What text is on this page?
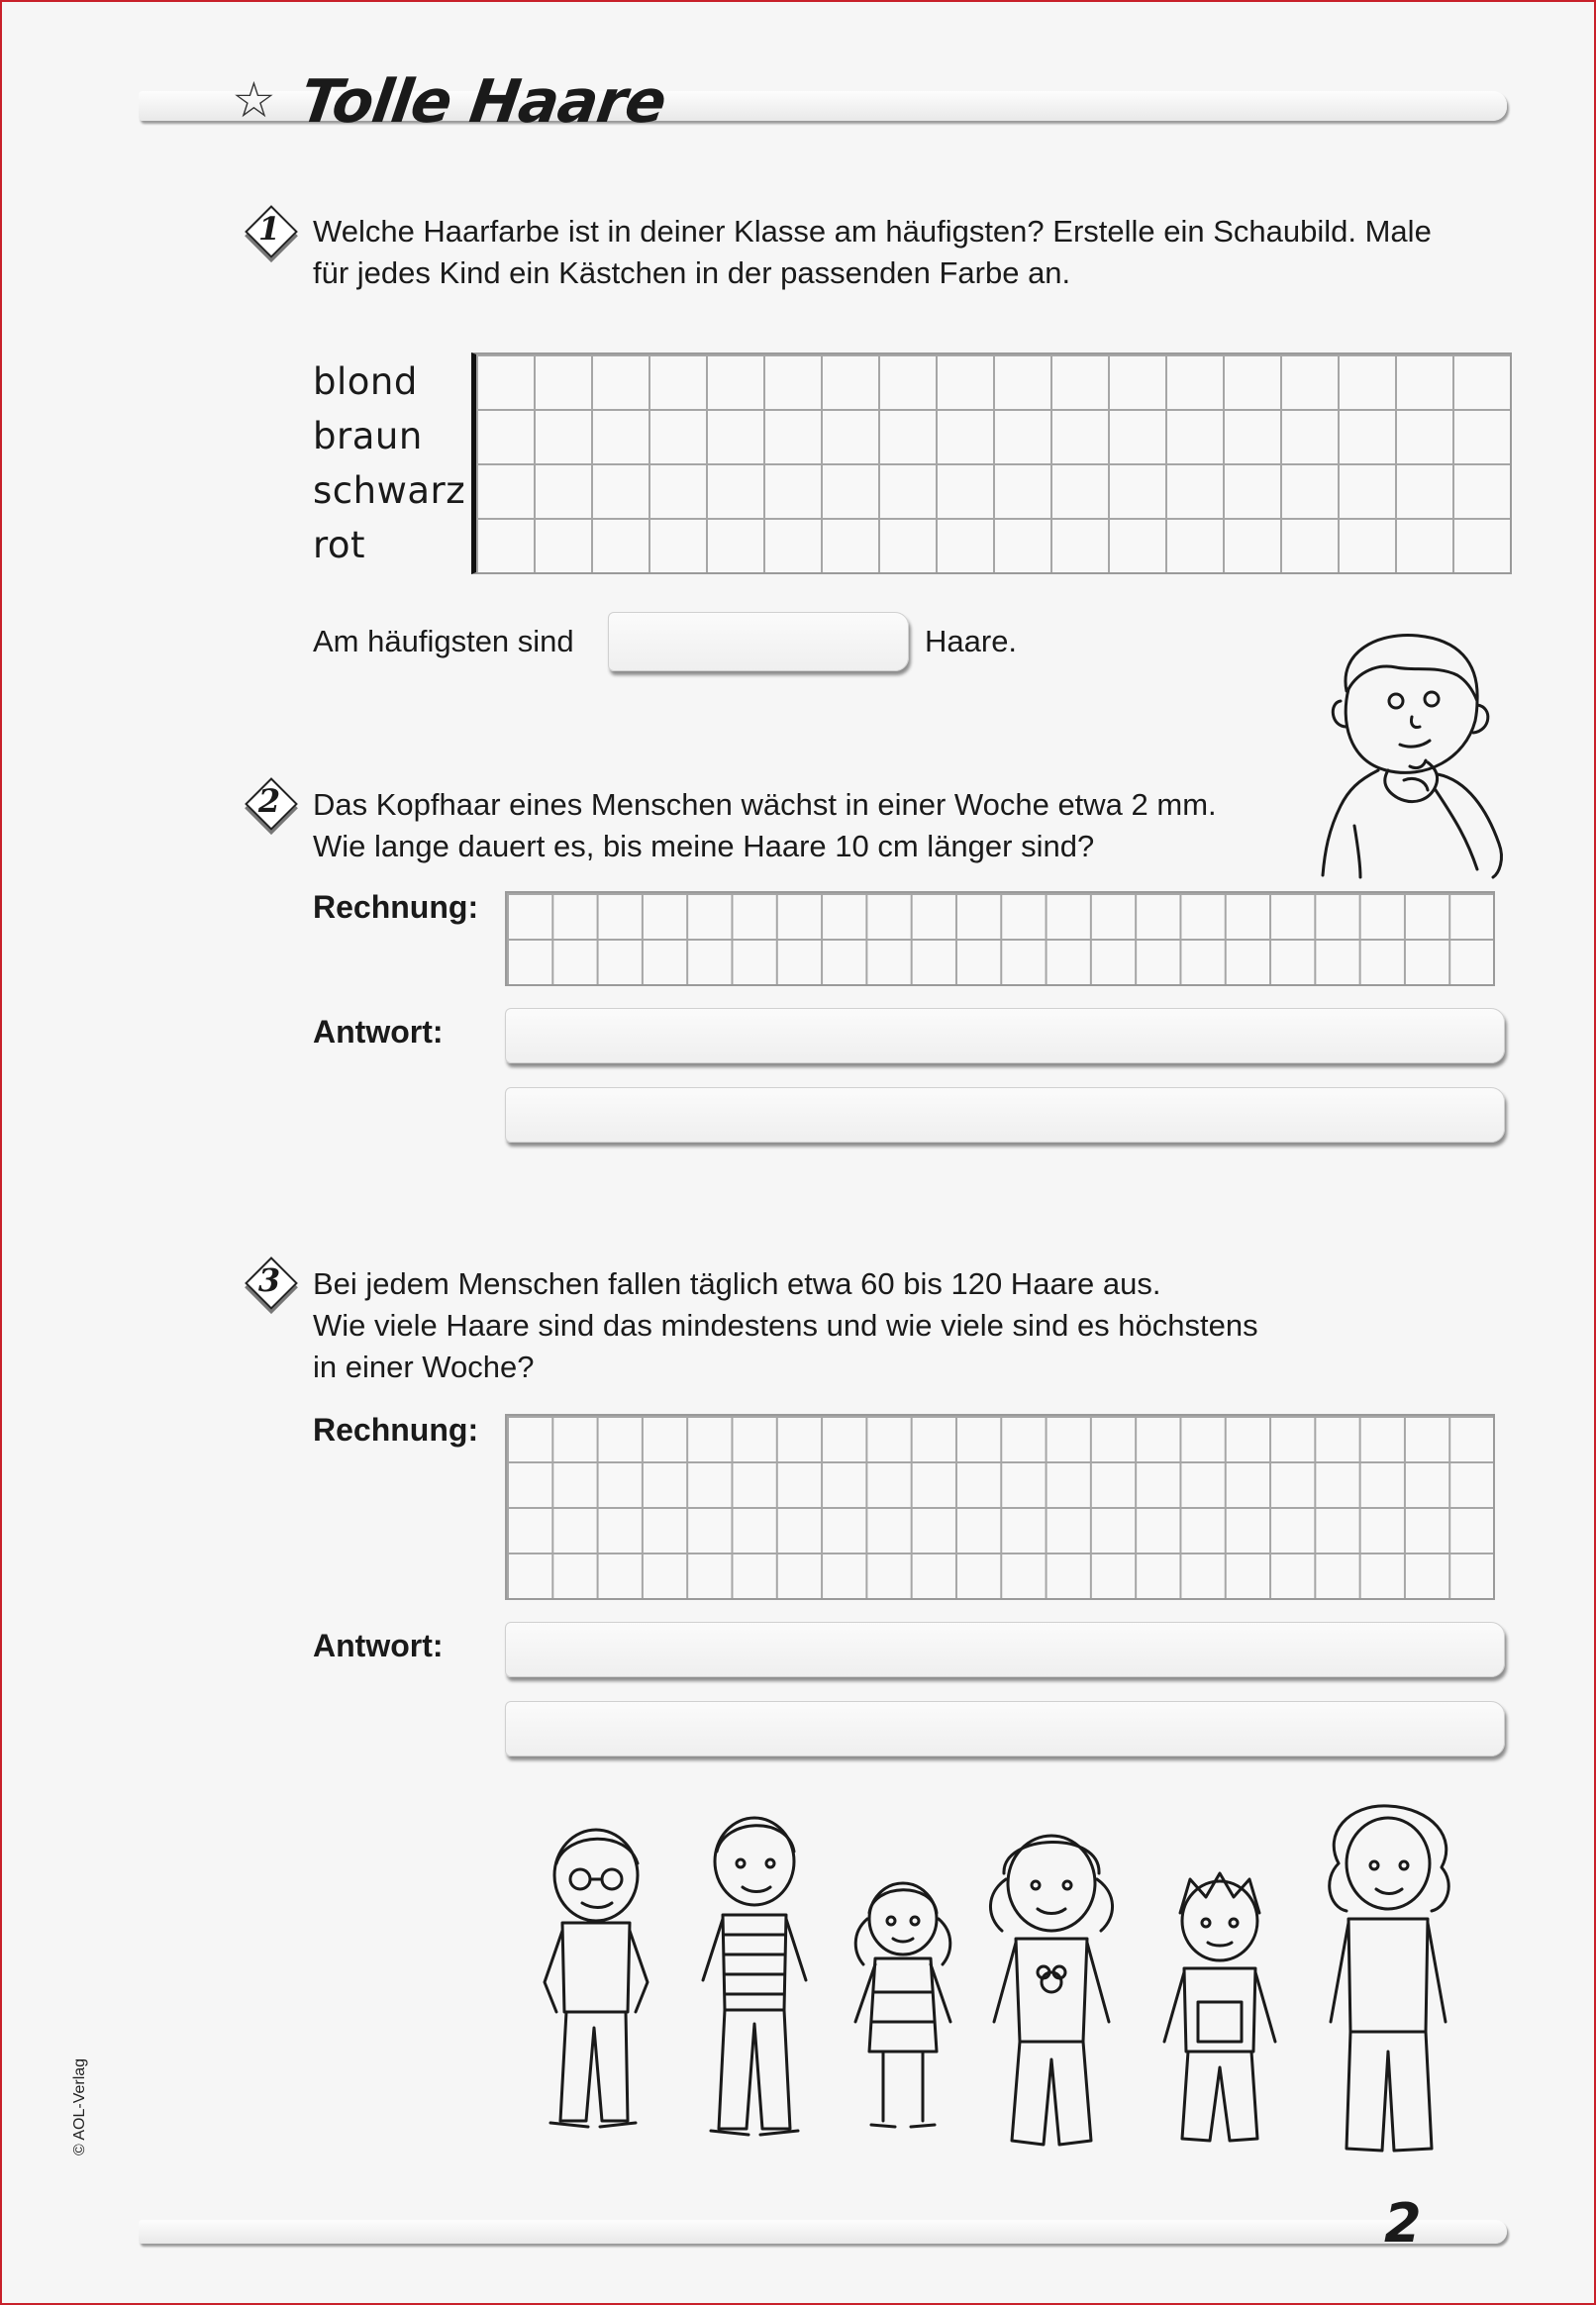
☆ Tolle Haare
1	Welche Haarfarbe ist in deiner Klasse am häufigsten? Erstelle ein Schaubild. Male
für jedes Kind ein Kästchen in der passenden Farbe an.
blond
braun
schwarz
rot
Am häufigsten sind	Haare.
2	Das Kopfhaar eines Menschen wächst in einer Woche etwa 2 mm.
Wie lange dauert es, bis meine Haare 10 cm länger sind?
Rechnung:
Antwort:
3	Bei jedem Menschen fallen täglich etwa 60 bis 120 Haare aus.
Wie viele Haare sind das mindestens und wie viele sind es höchstens
in einer Woche?
Rechnung:
Antwort:
© AOL-Verlag
2
